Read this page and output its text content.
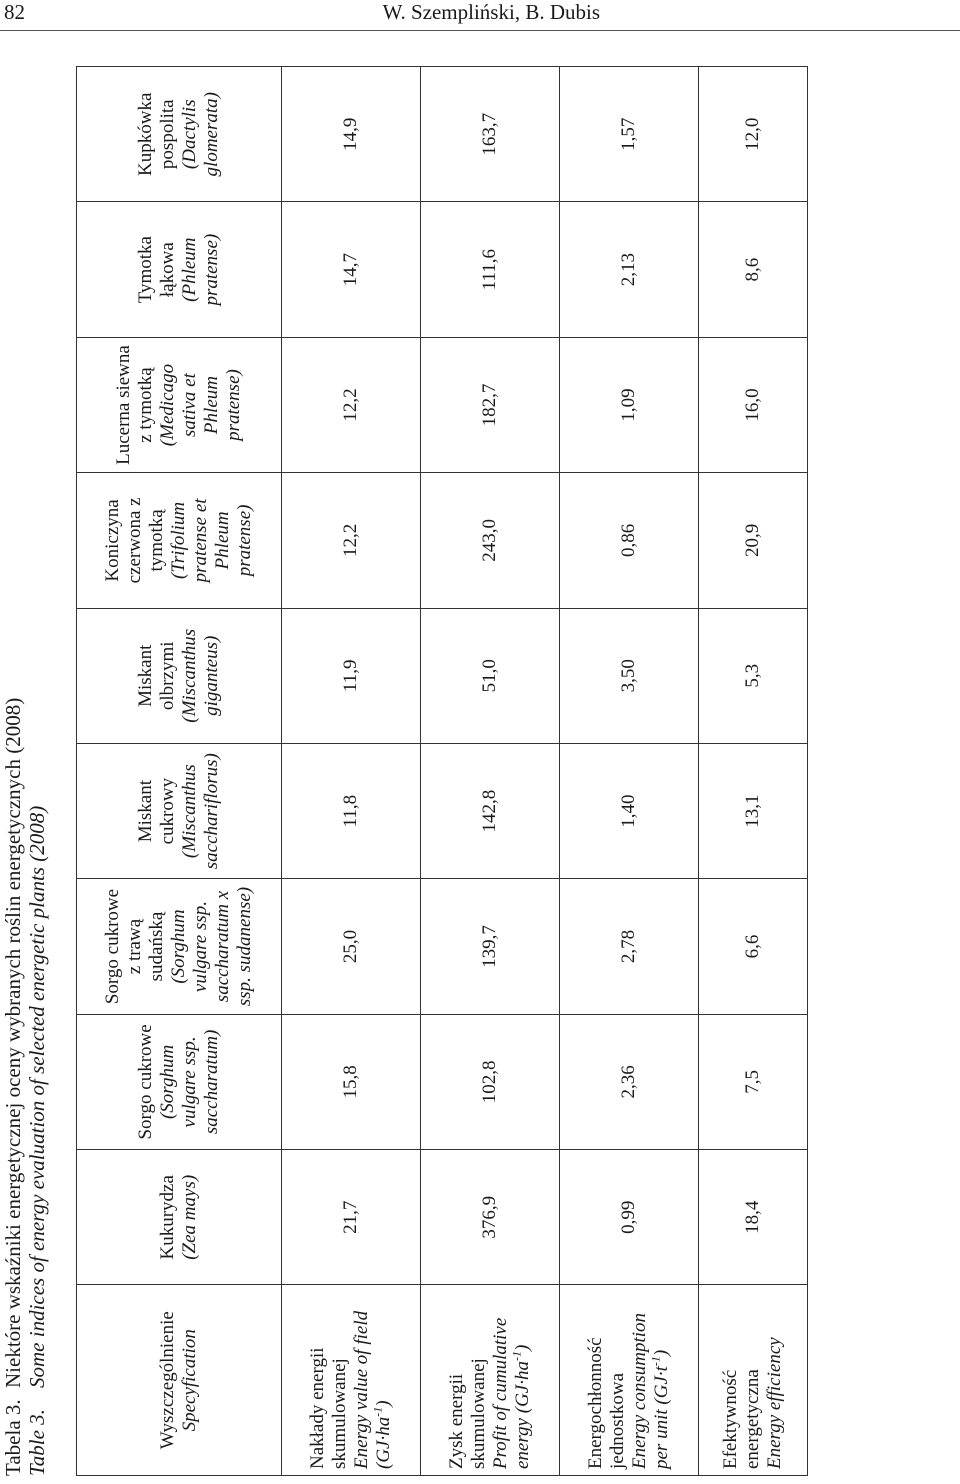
82	W. Szempliński, B. Dubis
Tabela 3.Niektóre wskaźniki energetycznej oceny wybranych roślin energetycznych (2008)
Table 3.Some indices of energy evaluation of selected energetic plants (2008)	Wyszczególnienie Specyfication	Kukurydza (Zea mays)	Sorgo cukrowe (Sorghum vulgare ssp. saccharatum)	Sorgo cukrowe z trawą sudańską (Sorghum vulgare ssp. saccharatum x ssp. sudanense)	Miskant cukrowy (Miscanthus sacchariflorus)	Miskant olbrzymi (Miscanthus giganteus)	Koniczyna czerwona z tymotką (Trifolium pratense et Phleum pratense)	Lucerna siewna z tymotką (Medicago sativa et Phleum pratense)	Tymotka łąkowa (Phleum pratense)	Kupkówka pospolita (Dactylis glomerata)

Nakłady energii skumulowanej Energy value of field $(GJ\cdot ha^{-1})$	21,7	15,8	25,0	11,8	11,9	12,2	12,2	14,7	14,9

Zysk energii skumulowanej Profit of cumulative energy $(GJ\cdot ha^{-1})$	376,9	102,8	139,7	142,8	51,0	243,0	182,7	111,6	163,7

Energochłonność jednostkowa Energy consumption per unit $(GJ\cdot t^{-1})$	0,99	2,36	2,78	1,40	3,50	0,86	1,09	2,13	1,57

Efektywność energetyczna Energy efficiency	18,4	7,5	6,6	13,1	5,3	20,9	16,0	8,6	12,0
